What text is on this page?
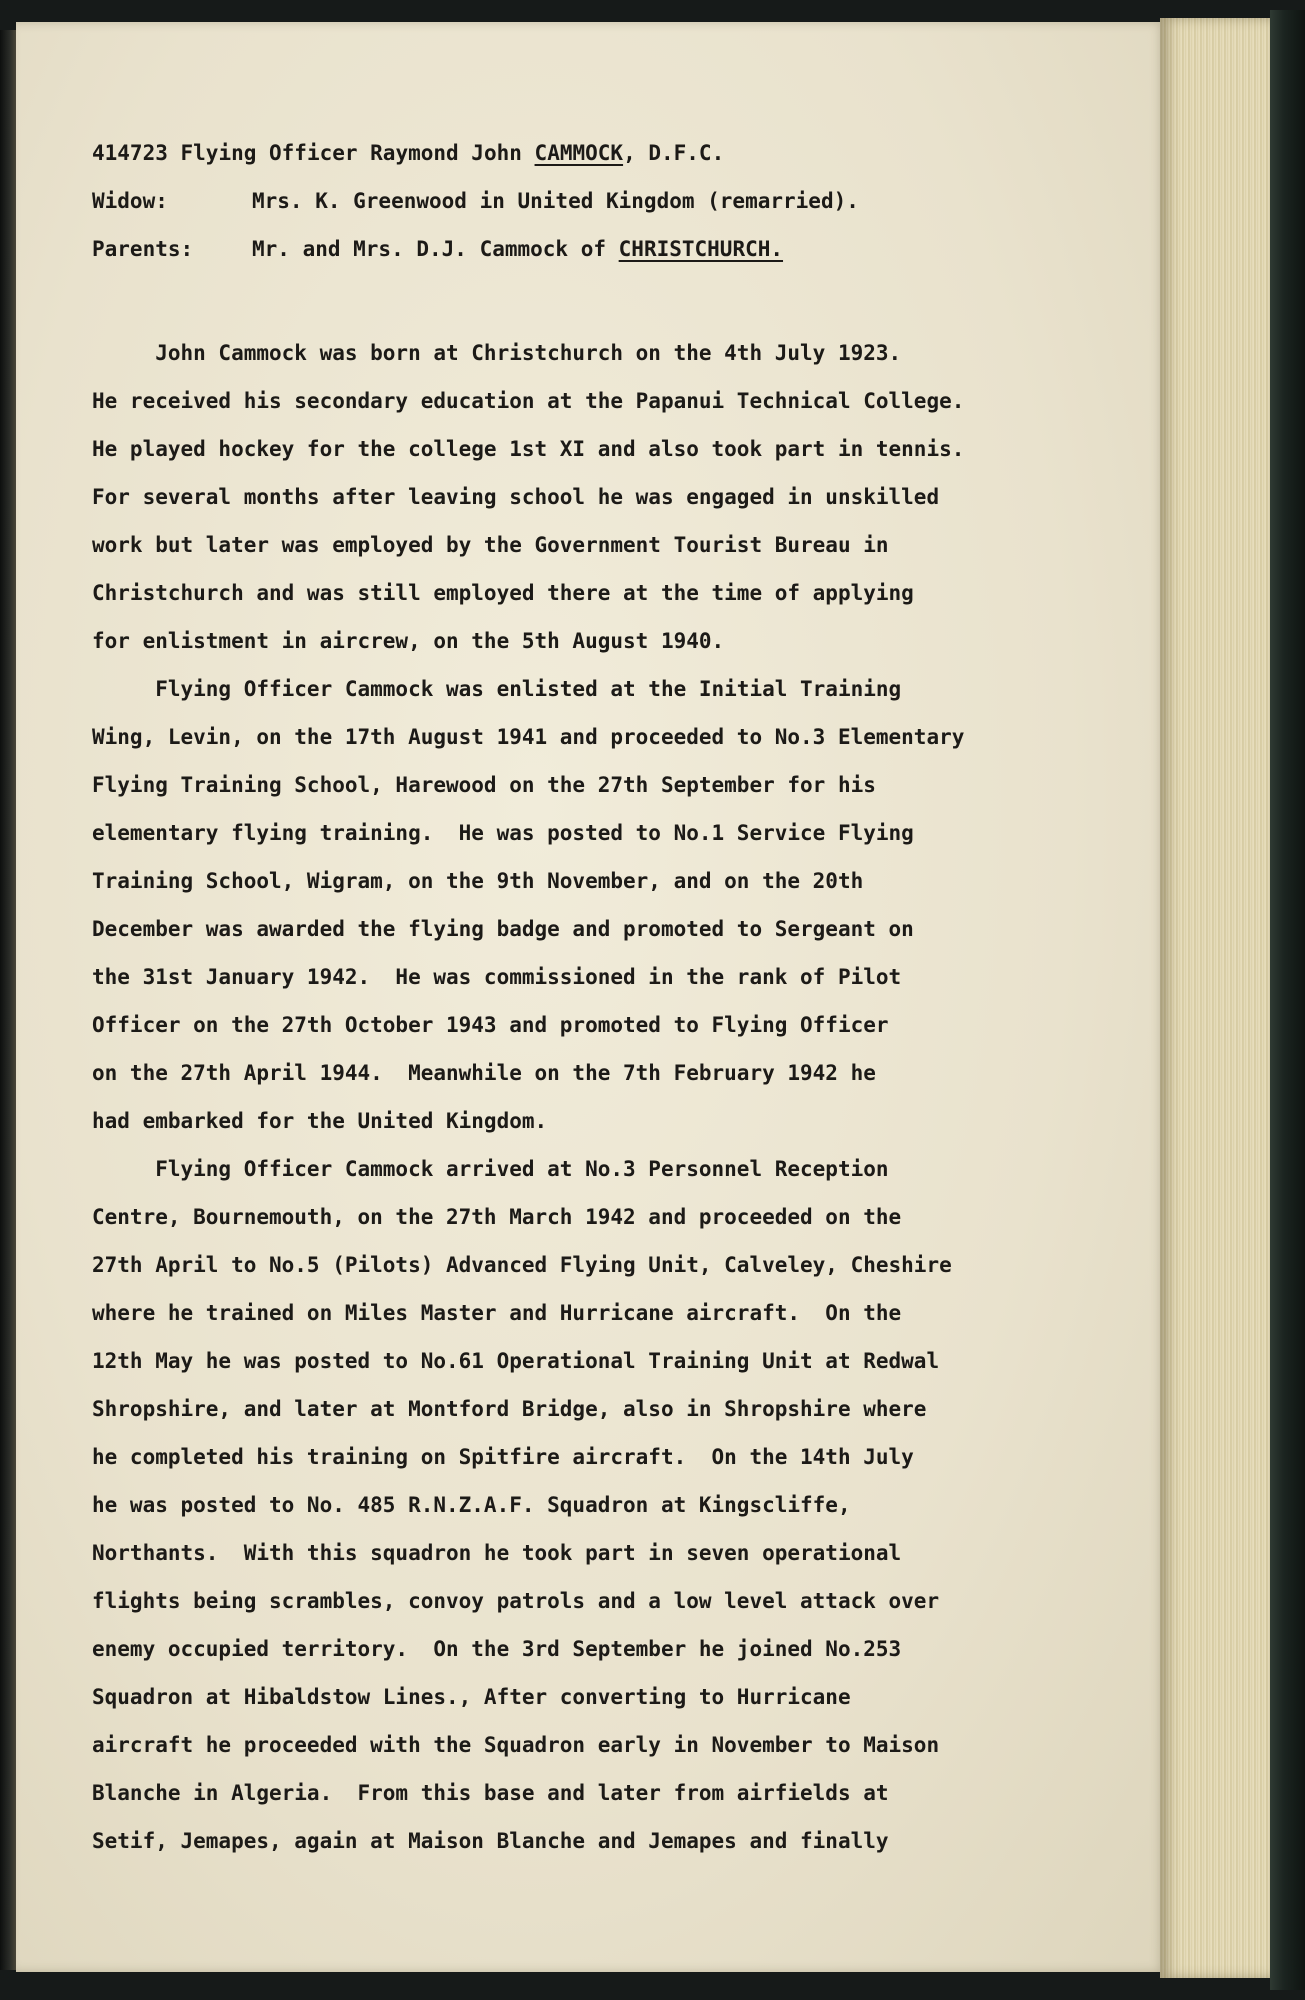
414723 Flying Officer Raymond John CAMMOCK, D.F.C.
Widow:	Mrs. K. Greenwood in United Kingdom (remarried).
Parents:	Mr. and Mrs. D.J. Cammock of CHRISTCHURCH.
John Cammock was born at Christchurch on the 4th July 1923.
He received his secondary education at the Papanui Technical College.
He played hockey for the college 1st XI and also took part in tennis.
For several months after leaving school he was engaged in unskilled
work but later was employed by the Government Tourist Bureau in
Christchurch and was still employed there at the time of applying
for enlistment in aircrew, on the 5th August 1940.
Flying Officer Cammock was enlisted at the Initial Training
Wing, Levin, on the 17th August 1941 and proceeded to No.3 Elementary
Flying Training School, Harewood on the 27th September for his
elementary flying training.  He was posted to No.1 Service Flying
Training School, Wigram, on the 9th November, and on the 20th
December was awarded the flying badge and promoted to Sergeant on
the 31st January 1942.  He was commissioned in the rank of Pilot
Officer on the 27th October 1943 and promoted to Flying Officer
on the 27th April 1944.  Meanwhile on the 7th February 1942 he
had embarked for the United Kingdom.
Flying Officer Cammock arrived at No.3 Personnel Reception
Centre, Bournemouth, on the 27th March 1942 and proceeded on the
27th April to No.5 (Pilots) Advanced Flying Unit, Calveley, Cheshire
where he trained on Miles Master and Hurricane aircraft.  On the
12th May he was posted to No.61 Operational Training Unit at Redwal
Shropshire, and later at Montford Bridge, also in Shropshire where
he completed his training on Spitfire aircraft.  On the 14th July
he was posted to No. 485 R.N.Z.A.F. Squadron at Kingscliffe,
Northants.  With this squadron he took part in seven operational
flights being scrambles, convoy patrols and a low level attack over
enemy occupied territory.  On the 3rd September he joined No.253
Squadron at Hibaldstow Lines., After converting to Hurricane
aircraft he proceeded with the Squadron early in November to Maison
Blanche in Algeria.  From this base and later from airfields at
Setif, Jemapes, again at Maison Blanche and Jemapes and finally
